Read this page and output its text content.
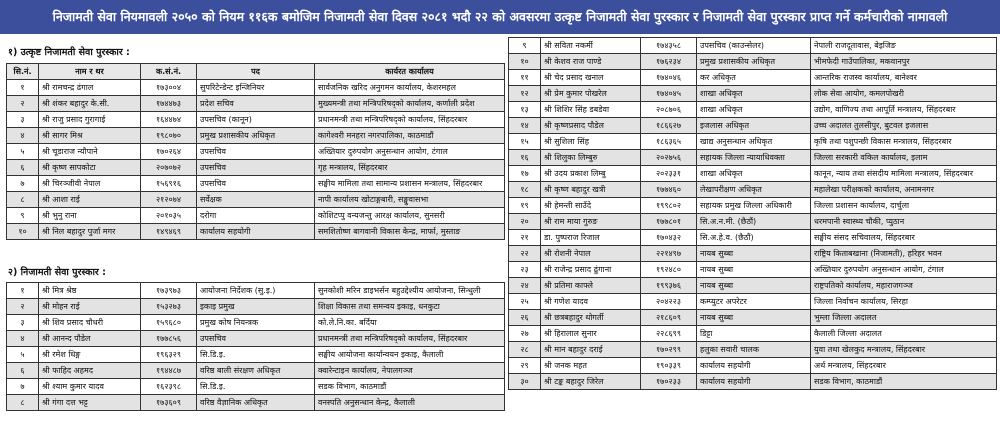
निजामती सेवा नियमावली २०५० को नियम ११६क बमोजिम निजामती सेवा दिवस २०८१ भदौ २२ को अवसरमा उत्कृष्ट निजामती सेवा पुरस्कार र निजामती सेवा पुरस्कार प्राप्त गर्ने कर्मचारीको नामावली
१) उत्कृष्ट निजामती सेवा पुरस्कार :
सि.नं.	नाम र थर	क.सं.नं.	पद	कार्यरत कार्यालय
१	श्री रामचन्द्र ढंगाल	१७३००४	सुपरिटेन्डेन्ट इन्जिनियर	सार्वजनिक खरिद अनुगमन कार्यालय, केशरमहल
२	श्री शंकर बहादुर के.सी.	१७४४७३	प्रदेश सचिव	मुख्यमन्त्री तथा मन्त्रिपरिषद्‌को कार्यालय, कर्णाली प्रदेश
३	श्री राजु प्रसाद गुरागाई	१६४४७४	उपसचिव (कानून)	प्रधानमन्त्री तथा मन्त्रिपरिषद्‌को कार्यालय, सिंहदरबार
४	श्री सागर मिश्र	१९८०७०	प्रमुख प्रशासकीय अधिकृत	कागेश्वरी मनहरा नगरपालिका, काठमाडौं
५	श्री चूडाराज न्यौपाने	१७०२६४	उपसचिव	अख्तियार दुरुपयोग अनुसन्धान आयोग, टंगाल
६	श्री कृष्ण सापकोटा	२०७०७२	उपसचिव	गृह मन्त्रालय, सिंहदरबार
७	श्री चिरञ्जीवी नेपाल	१५६९१६	उपसचिव	सङ्घीय मामिला तथा सामान्य प्रशासन मन्त्रालय, सिंहदरबार
८	श्री आशा राई	२१२०७४	सर्वेक्षक	नापी कार्यालय खोटाङ्गबारी, सङ्खुवासभा
९	श्री भुनु राना	२०१०३५	दरोगा	कोशिटप्पु वन्यजन्तु आरक्ष कार्यालय, सुनसरी
१०	श्री निल बहादुर पुर्जा मगर	१४९४६९	कार्यालय सहयोगी	समशितोष्ण बागवानी विकास केन्द्र, मार्फा, मुस्ताङ
२) निजामती सेवा पुरस्कार :
१	श्री मित्र श्रेष्ठ	१७३९७३	आयोजना निर्देशक (सु.इ.)	सुनकोशी मरिन डाइभर्सन बहुउद्देश्यीय आयोजना, सिन्धुली
२	श्री मोहन राई	१५३२७३	इकाइ प्रमुख	शिक्षा विकास तथा समन्वय इकाइ, धनकुटा
३	श्री शिव प्रसाद चौधरी	१५९६८०	प्रमुख कोष नियन्त्रक	को.ले.नि.का. बर्दिया
४	श्री आनन्द पौडेल	१७७८५६	उपसचिव	प्रधानमन्त्री तथा मन्त्रिपरिषद्‌को कार्यालय, सिंहदरबार
५	श्री रमेश धिङ्ग	१९६३२९	सि.डि.इ.	सङ्घीय आयोजना कार्यान्वयन इकाइ, कैलाली
६	श्री फाहिद अहमद	१९४४८७	वरिष्ठ बाली संरक्षण अधिकृत	क्वारेन्टाइन कार्यालय, नेपालगञ्ज
७	श्री श्याम कुमार यादव	१६२३९८	सि.डि.इ.	सडक विभाग, काठमाडौं
८	श्री गंगा दत्त भट्ट	१७३६०९	वरिष्ठ वैज्ञानिक अधिकृत	वनस्पति अनुसन्धान केन्द्र, कैलाली
९	श्री सविता नकर्मी	१७४३५८	उपसचिव (काउन्सेलर)	नेपाली राजदूतावास, बेइजिङ
१०	श्री केशव राज पाण्डे	१७६२३४	प्रमुख प्रशासकीय अधिकृत	भीमफेदी गाउँपालिका, मकवानपुर
११	श्री चेद प्रसाद खनाल	१७४०४६	कर अधिकृत	आन्तरिक राजस्व कार्यालय, बानेश्वर
१२	श्री प्रेम कुमार पोखरेल	१७४०४५	शाखा अधिकृत	लोक सेवा आयोग, कमलपोखरी
१३	श्री शिशिर सिंह डबडेवा	२०८७०६	शाखा अधिकृत	उद्योग, वाणिज्य तथा आपूर्ति मन्त्रालय, सिंहदरबार
१४	श्री कृष्णप्रसाद पौडेल	१८६६२७	इजलास अधिकृत	उच्च अदालत तुलसीपुर, बुटवल इजलास
१५	श्री सुशिला सिंह	१८६३६५	खाद्य अनुसन्धान अधिकृत	कृषि तथा पशुपन्छी विकास मन्त्रालय, सिंहदरबार
१६	श्री शिलुका लिम्बुरु	२०२७५६	सहायक जिल्ला न्यायाधिवक्ता	जिल्ला सरकारी वकिल कार्यालय, इलाम
१७	श्री उदय प्रकाश लिम्बु	२०२३३१	शाखा अधिकृत	कानून, न्याय तथा संसदीय मामिला मन्त्रालय, सिंहदरबार
१८	श्री कृष्ण बहादुर खत्री	१७७४६०	लेखापरीक्षण अधिकृत	महालेखा परीक्षकको कार्यालय, अनामनगर
१९	श्री हेमन्ती साउँदे	१९९८०२	सहायक प्रमुख जिल्ला अधिकारी	जिल्ला प्रशासन कार्यालय, दार्चुला
२०	श्री राम माया गुरुङ	१७७८०१	सि.अ.न.मी. (छैठौं)	धरमपानी स्वास्थ्य चौकी, प्युठान
२१	डा. पुष्पराज रिजाल	१७०४३२	सि.अ.हे.व. (छैठौं)	सङ्घीय संसद सचिवालय, सिंहदरबार
२२	श्री रोशनी नेपाल	२२१४९७	नायब सुब्बा	राष्ट्रिय किताबखाना (निजामती), हरिहर भवन
२३	श्री राजेन्द्र प्रसाद ढुंगाना	१९२४८०	नायब सुब्बा	अख्तियार दुरुपयोग अनुसन्धान आयोग, टंगाल
२४	श्री प्रतिमा काफ्ले	१९९३७६	नायब सुब्बा	राष्ट्रपतिको कार्यालय, महाराजगञ्ज
२५	श्री गणेश यादव	२०४२२३	कम्प्युटर अपरेटर	जिल्ला निर्वाचन कार्यालय, सिरहा
२६	श्री छत्रबहादुर थोगर्ती	२१८६०९	नायब सुब्बा	भुम्ला जिल्ला अदालत
२७	श्री हिरालाल सुनार	२२८६९९	डिट्टा	कैलाली जिल्ला अदालत
२८	श्री मान बहादुर दराई	१७०२९९	हलुका सवारी चालक	युवा तथा खेलकुद मन्त्रालय, सिंहदरबार
२९	श्री जनक महत	१९०३३९	कार्यालय सहयोगी	अर्थ मन्त्रालय, सिंहदरबार
३०	श्री टङ्क बहादुर जिरेल	१७०२३३	कार्यालय सहयोगी	सडक विभाग, काठमाडौं
